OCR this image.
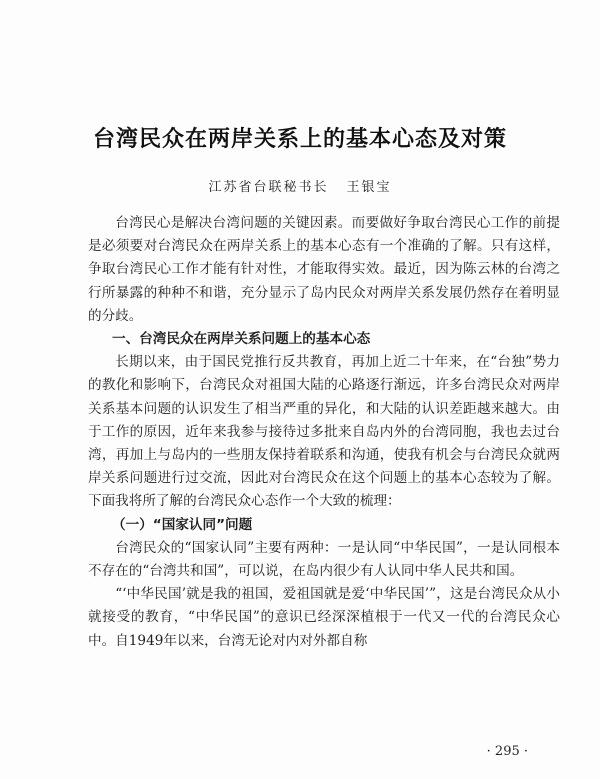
台湾民众在两岸关系上的基本心态及对策
江苏省台联秘书长 王银宝

台湾民心是解决台湾问题的关键因素。而要做好争取台湾民心工作的前提是必须要对台湾民众在两岸关系上的基本心态有一个准确的了解。只有这样，争取台湾民心工作才能有针对性，才能取得实效。最近，因为陈云林的台湾之行所暴露的种种不和谐，充分显示了岛内民众对两岸关系发展仍然存在着明显的分歧。

一、台湾民众在两岸关系问题上的基本心态

长期以来，由于国民党推行反共教育，再加上近二十年来，在“台独”势力的教化和影响下，台湾民众对祖国大陆的心路逐行渐远，许多台湾民众对两岸关系基本问题的认识发生了相当严重的异化，和大陆的认识差距越来越大。由于工作的原因，近年来我参与接待过多批来自岛内外的台湾同胞，我也去过台湾，再加上与岛内的一些朋友保持着联系和沟通，使我有机会与台湾民众就两岸关系问题进行过交流，因此对台湾民众在这个问题上的基本心态较为了解。下面我将所了解的台湾民众心态作一个大致的梳理：

（一）“国家认同”问题

台湾民众的“国家认同”主要有两种：一是认同“中华民国”，一是认同根本不存在的“台湾共和国”，可以说，在岛内很少有人认同中华人民共和国。

“‘中华民国’就是我的祖国，爱祖国就是爱‘中华民国’”，这是台湾民众从小就接受的教育，“中华民国”的意识已经深深植根于一代又一代的台湾民众心中。自1949年以来，台湾无论对内对外都自称

· 295 ·
